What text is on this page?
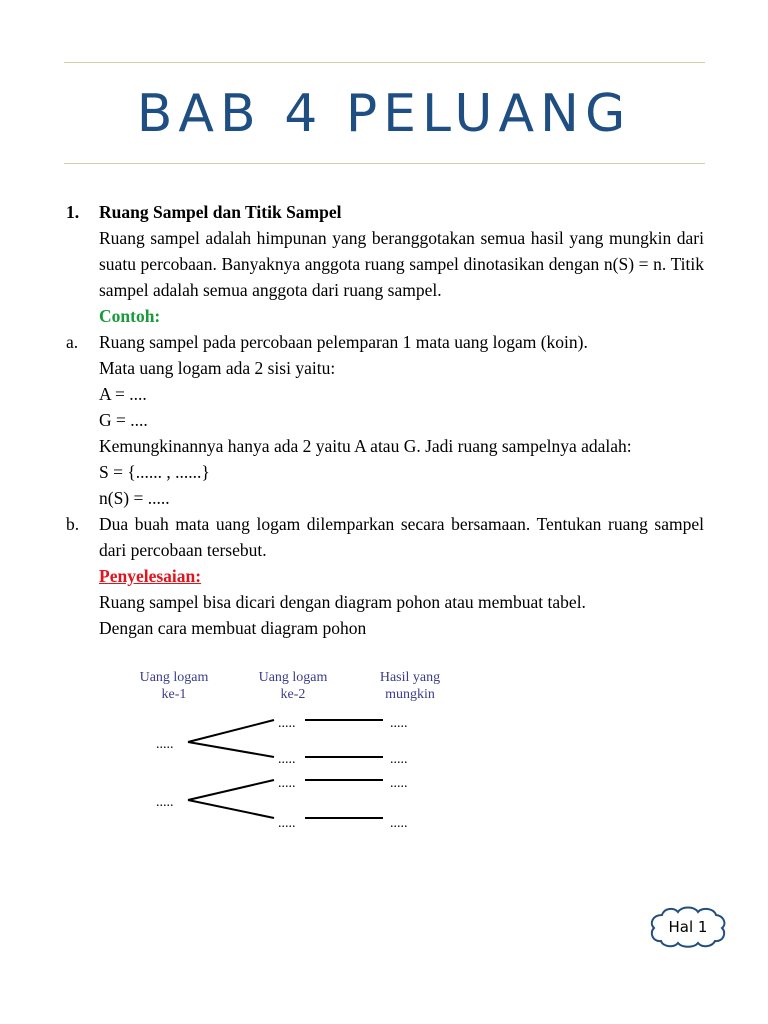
BAB 4 PELUANG
1.	Ruang Sampel dan Titik Sampel
Ruang sampel adalah himpunan yang beranggotakan semua hasil yang mungkin dari suatu percobaan. Banyaknya anggota ruang sampel dinotasikan dengan n(S) = n. Titik sampel adalah semua anggota dari ruang sampel.
Contoh:
a.	Ruang sampel pada percobaan pelemparan 1 mata uang logam (koin).
Mata uang logam ada 2 sisi yaitu:
A = ....
G = ....
Kemungkinannya hanya ada 2 yaitu A atau G. Jadi ruang sampelnya adalah:
S = {...... , ......}
n(S) = .....
b.	Dua buah mata uang logam dilemparkan secara bersamaan. Tentukan ruang sampel dari percobaan tersebut.
Penyelesaian:
Ruang sampel bisa dicari dengan diagram pohon atau membuat tabel.
Dengan cara membuat diagram pohon
Uang logam
ke-1
Uang logam
ke-2
Hasil yang
mungkin
.....
.....
.....
.....
.....
.....
.....
.....
.....
.....
Hal 1
